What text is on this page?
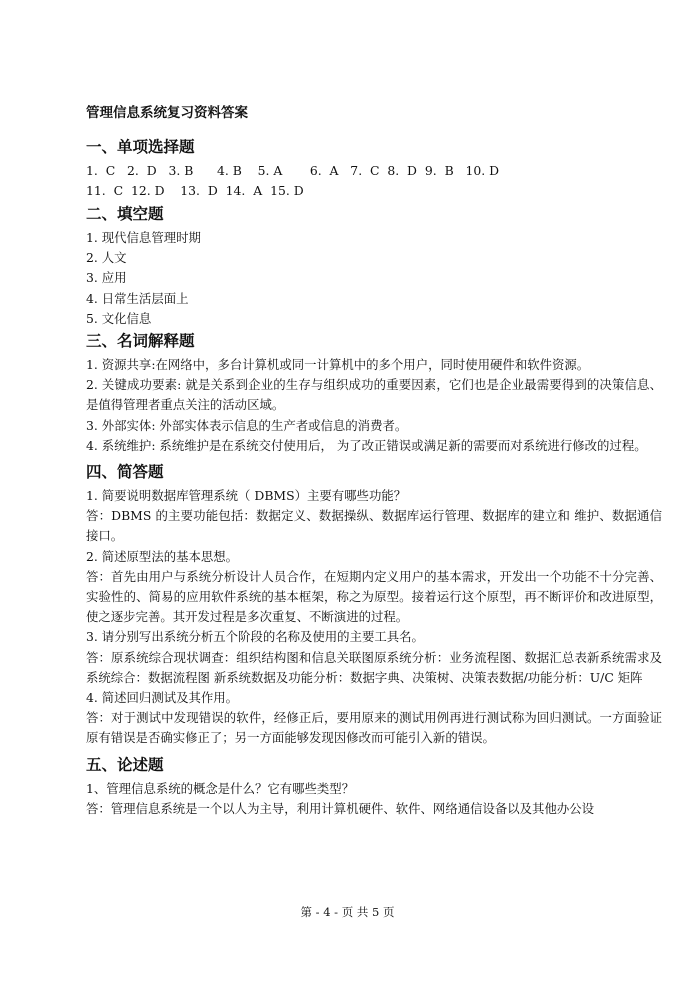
管理信息系统复习资料答案
一、单项选择题
1.  C   2.  D   3. B      4. B    5. A       6.  A   7.  C  8.  D  9.  B   10. D
11.  C  12. D    13.  D  14.  A  15. D
二、填空题
1. 现代信息管理时期
2. 人文
3. 应用
4. 日常生活层面上
5. 文化信息
三、名词解释题
1. 资源共享:在网络中，多台计算机或同一计算机中的多个用户，同时使用硬件和软件资源。
2. 关键成功要素: 就是关系到企业的生存与组织成功的重要因素，它们也是企业最需要得到的决策信息、是值得管理者重点关注的活动区域。
3. 外部实体: 外部实体表示信息的生产者或信息的消费者。
4. 系统维护: 系统维护是在系统交付使用后， 为了改正错误或满足新的需要而对系统进行修改的过程。
四、简答题
1. 简要说明数据库管理系统（ DBMS）主要有哪些功能？
答：DBMS 的主要功能包括：数据定义、数据操纵、数据库运行管理、数据库的建立和 维护、数据通信接口。
2. 简述原型法的基本思想。
答：首先由用户与系统分析设计人员合作，在短期内定义用户的基本需求，开发出一个功能不十分完善、实验性的、简易的应用软件系统的基本框架，称之为原型。接着运行这个原型，再不断评价和改进原型，使之逐步完善。其开发过程是多次重复、不断演进的过程。
3. 请分别写出系统分析五个阶段的名称及使用的主要工具名。
答：原系统综合现状调查：组织结构图和信息关联图原系统分析：业务流程图、数据汇总表新系统需求及系统综合：数据流程图 新系统数据及功能分析：数据字典、决策树、决策表数据/功能分析：U/C 矩阵
4. 简述回归测试及其作用。
答：对于测试中发现错误的软件，经修正后，要用原来的测试用例再进行测试称为回归测试。一方面验证原有错误是否确实修正了；另一方面能够发现因修改而可能引入新的错误。
五、论述题
1、管理信息系统的概念是什么？它有哪些类型？
答：管理信息系统是一个以人为主导，利用计算机硬件、软件、网络通信设备以及其他办公设
第 - 4 - 页 共 5 页
